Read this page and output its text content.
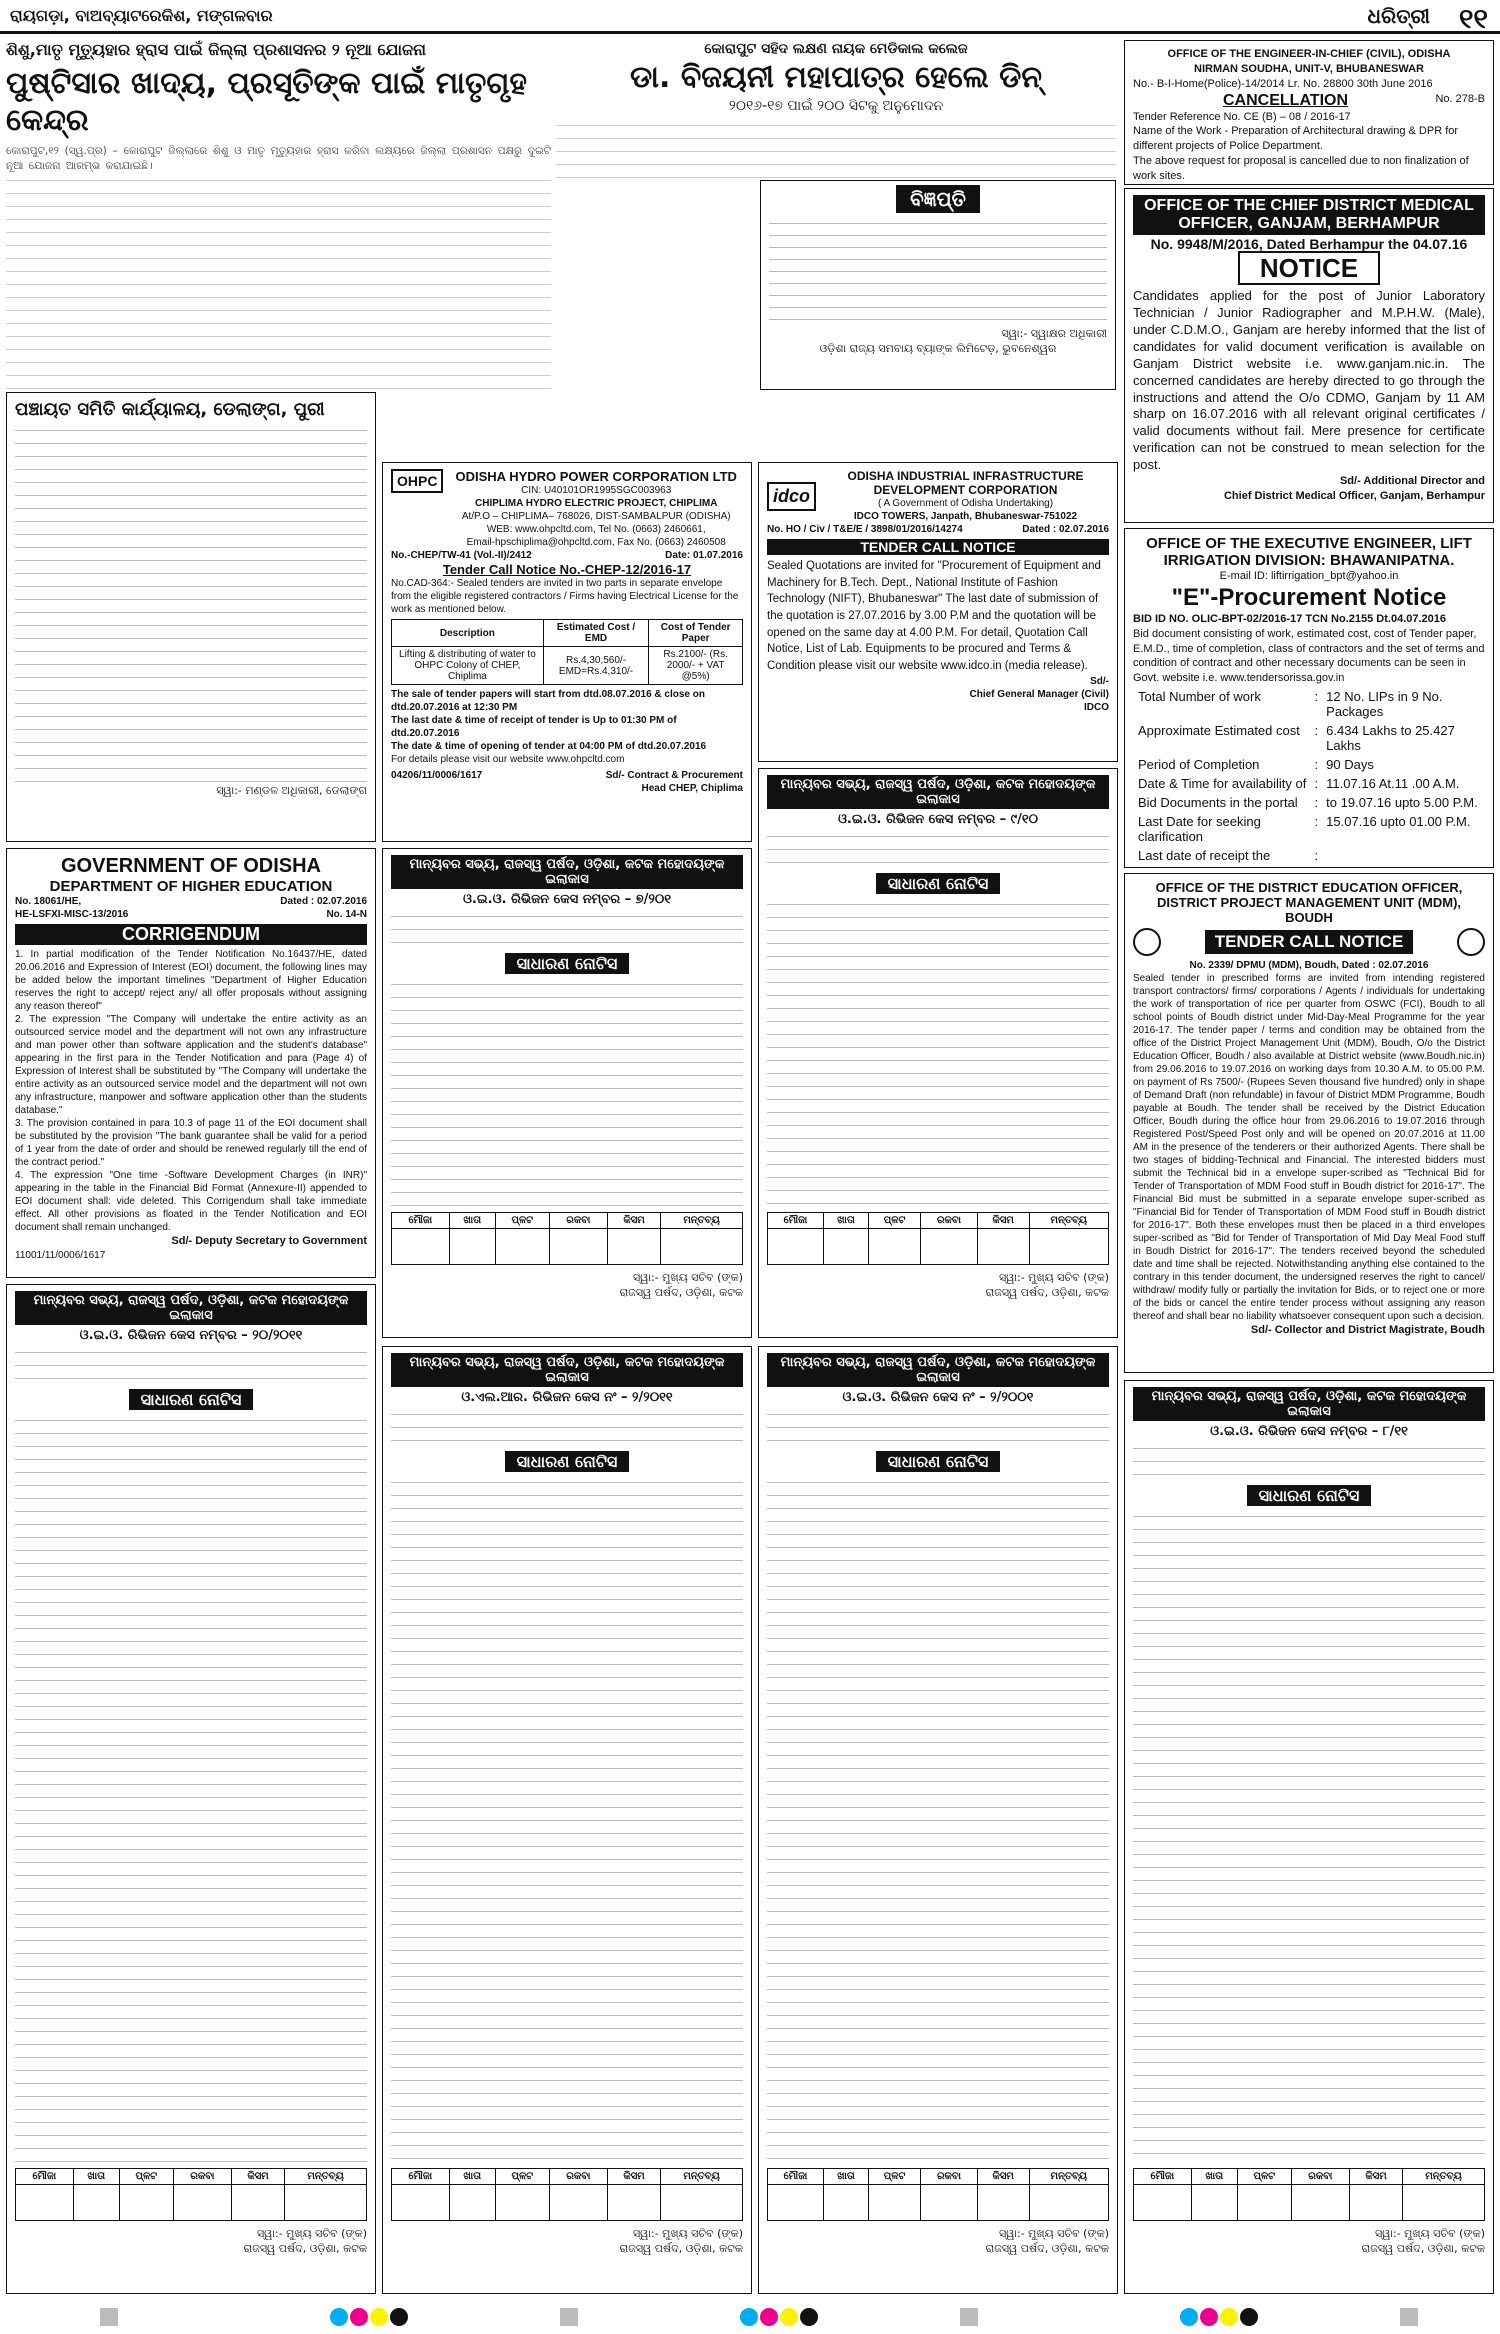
ରାୟଗଡ଼ା, ବାଅବ୍ୟାଟରେକିଶ, ମଙ୍ଗଳବାର	ଧରିତ୍ରୀ ୧୧
ଶିଶୁ,ମାତୃ ମୃତ୍ୟୁହାର ହ୍ରାସ ପାଇଁ ଜିଲ୍ଲା ପ୍ରଶାସନର ୨ ନୂଆ ଯୋଜନା
ପୁଷ୍ଟିସାର ଖାଦ୍ୟ, ପ୍ରସୂତିଙ୍କ ପାଇଁ ମାତୃଗୃହ କେନ୍ଦ୍ର
କୋରାପୁଟ,୧୨ (ସ୍ୱ.ପ୍ର) – କୋରାପୁଟ ଜିଲ୍ଲାରେ ଶିଶୁ ଓ ମାତୃ ମୃତ୍ୟୁହାର ହ୍ରାସ କରିବା ଲକ୍ଷ୍ୟରେ ଜିଲ୍ଲା ପ୍ରଶାସନ ପକ୍ଷରୁ ଦୁଇଟି ନୂଆ ଯୋଜନା ଆରମ୍ଭ କରାଯାଇଛି।
କୋରାପୁଟ ସହିଦ ଲକ୍ଷଣ ନାୟକ ମେଡିକାଲ କଲେଜ
ଡା. ବିଜୟନୀ ମହାପାତ୍ର ହେଲେ ଡିନ୍
୨୦୧୬-୧୭ ପାଇଁ ୨୦୦ ସିଟକୁ ଅନୁମୋଦନ
ବିଜ୍ଞପ୍ତି
ସ୍ୱା:- ସ୍ୱାକ୍ଷର ଅଧିକାରୀ
ଓଡ଼ିଶା ରାଜ୍ୟ ସମବାୟ ବ୍ୟାଙ୍କ ଲିମିଟେଡ଼, ଭୁବନେଶ୍ୱର
OFFICE OF THE ENGINEER-IN-CHIEF (CIVIL), ODISHA
NIRMAN SOUDHA, UNIT-V, BHUBANESWAR
No.- B-I-Home(Police)-14/2014 Lr. No. 28800 30th June 2016
CANCELLATION	No. 278-B
Tender Reference No. CE (B) – 08 / 2016-17
Name of the Work - Preparation of Architectural drawing & DPR for different projects of Police Department.
The above request for proposal is cancelled due to non finalization of work sites.
OFFICE OF THE CHIEF DISTRICT MEDICAL OFFICER, GANJAM, BERHAMPUR
No. 9948/M/2016, Dated Berhampur the 04.07.16
NOTICE
Candidates applied for the post of Junior Laboratory Technician / Junior Radiographer and M.P.H.W. (Male), under C.D.M.O., Ganjam are hereby informed that the list of candidates for valid document verification is available on Ganjam District website i.e. www.ganjam.nic.in. The concerned candidates are hereby directed to go through the instructions and attend the O/o CDMO, Ganjam by 11 AM sharp on 16.07.2016 with all relevant original certificates / valid documents without fail. Mere presence for certificate verification can not be construed to mean selection for the post.
Sd/- Additional Director and
Chief District Medical Officer, Ganjam, Berhampur
OFFICE OF THE EXECUTIVE ENGINEER, LIFT IRRIGATION DIVISION: BHAWANIPATNA.
E-mail ID: liftirrigation_bpt@yahoo.in
"E"-Procurement Notice
BID ID NO. OLIC-BPT-02/2016-17 TCN No.2155 Dt.04.07.2016
Bid document consisting of work, estimated cost, cost of Tender paper, E.M.D., time of completion, class of contractors and the set of terms and condition of contract and other necessary documents can be seen in Govt. website i.e. www.tendersorissa.gov.in
Total Number of work	:	12 No. LIPs in 9 No. Packages
Approximate Estimated cost	:	6.434 Lakhs to 25.427 Lakhs
Period of Completion	:	90 Days
Date & Time for availability of	:	11.07.16 At.11 .00 A.M.
Bid Documents in the portal	:	to 19.07.16 upto 5.00 P.M.
Last Date for seeking clarification	:	15.07.16 upto 01.00 P.M.
Last date of receipt the	:	

OFFICE OF THE DISTRICT EDUCATION OFFICER, DISTRICT PROJECT MANAGEMENT UNIT (MDM), BOUDH
TENDER CALL NOTICE
No. 2339/ DPMU (MDM), Boudh, Dated : 02.07.2016
Sealed tender in prescribed forms are invited from intending registered transport contractors/ firms/ corporations / Agents / individuals for undertaking the work of transportation of rice per quarter from OSWC (FCI), Boudh to all school points of Boudh district under Mid-Day-Meal Programme for the year 2016-17. The tender paper / terms and condition may be obtained from the office of the District Project Management Unit (MDM), Boudh, O/o the District Education Officer, Boudh / also available at District website (www.Boudh.nic.in) from 29.06.2016 to 19.07.2016 on working days from 10.30 A.M. to 05.00 P.M. on payment of Rs 7500/- (Rupees Seven thousand five hundred) only in shape of Demand Draft (non refundable) in favour of District MDM Programme, Boudh payable at Boudh. The tender shall be received by the District Education Officer, Boudh during the office hour from 29.06.2016 to 19.07.2016 through Registered Post/Speed Post only and will be opened on 20.07.2016 at 11.00 AM in the presence of the tenderers or their authorized Agents. There shall be two stages of bidding-Technical and Financial. The interested bidders must submit the Technical bid in a envelope super-scribed as "Technical Bid for Tender of Transportation of MDM Food stuff in Boudh district for 2016-17". The Financial Bid must be submitted in a separate envelope super-scribed as "Financial Bid for Tender of Transportation of MDM Food stuff in Boudh district for 2016-17". Both these envelopes must then be placed in a third envelopes super-scribed as "Bid for Tender of Transportation of Mid Day Meal Food stuff in Boudh District for 2016-17". The tenders received beyond the scheduled date and time shall be rejected. Notwithstanding anything else contained to the contrary in this tender document, the undersigned reserves the right to cancel/ withdraw/ modify fully or partially the invitation for Bids, or to reject one or more of the bids or cancel the entire tender process without assigning any reason thereof and shall bear no liability whatsoever consequent upon such a decision.
Sd/- Collector and District Magistrate, Boudh
ପଞ୍ଚାୟତ ସମିତି କାର୍ଯ୍ୟାଳୟ, ଡେଲାଙ୍ଗ, ପୁରୀ
ସ୍ୱା:- ମଣ୍ଡଳ ଅଧିକାରୀ, ଡେଲାଙ୍ଗ
OHPC	ODISHA HYDRO POWER CORPORATION LTD
CIN: U40101OR1995SGC003963
CHIPLIMA HYDRO ELECTRIC PROJECT, CHIPLIMA
At/P.O – CHIPLIMA– 768026, DIST-SAMBALPUR (ODISHA)
WEB: www.ohpcltd.com, Tel No. (0663) 2460661,
Email-hpschiplima@ohpcltd.com, Fax No. (0663) 2460508
No.-CHEP/TW-41 (Vol.-II)/2412	Date: 01.07.2016
Tender Call Notice No.-CHEP-12/2016-17
No.CAD-364:- Sealed tenders are invited in two parts in separate envelope from the eligible registered contractors / Firms having Electrical License for the work as mentioned below.
Description	Estimated Cost / EMD	Cost of Tender Paper
Lifting & distributing of water to OHPC Colony of CHEP, Chiplima	Rs.4,30,560/- EMD=Rs.4,310/-	Rs.2100/- (Rs. 2000/- + VAT @5%)
The sale of tender papers will start from dtd.08.07.2016 & close on dtd.20.07.2016 at 12:30 PM
The last date & time of receipt of tender is Up to 01:30 PM of dtd.20.07.2016
The date & time of opening of tender at 04:00 PM of dtd.20.07.2016
For details please visit our website www.ohpcltd.com
04206/11/0006/1617	Sd/- Contract & Procurement Head CHEP, Chiplima
idco
ODISHA INDUSTRIAL INFRASTRUCTURE DEVELOPMENT CORPORATION
( A Government of Odisha Undertaking)
IDCO TOWERS, Janpath, Bhubaneswar-751022
No. HO / Civ / T&E/E / 3898/01/2016/14274	Dated : 02.07.2016
TENDER CALL NOTICE
Sealed Quotations are invited for "Procurement of Equipment and Machinery for B.Tech. Dept., National Institute of Fashion Technology (NIFT), Bhubaneswar" The last date of submission of the quotation is 27.07.2016 by 3.00 P.M and the quotation will be opened on the same day at 4.00 P.M. For detail, Quotation Call Notice, List of Lab. Equipments to be procured and Terms & Condition please visit our website www.idco.in (media release).
Sd/-
Chief General Manager (Civil)
IDCO
GOVERNMENT OF ODISHA
DEPARTMENT OF HIGHER EDUCATION
No. 18061/HE,	Dated : 02.07.2016
HE-LSFXI-MISC-13/2016	No. 14-N
CORRIGENDUM
1. In partial modification of the Tender Notification No.16437/HE, dated 20.06.2016 and Expression of Interest (EOI) document, the following lines may be added below the important timelines "Department of Higher Education reserves the right to accept/ reject any/ all offer proposals without assigning any reason thereof"
2. The expression "The Company will undertake the entire activity as an outsourced service model and the department will not own any infrastructure and man power other than software application and the student's database" appearing in the first para in the Tender Notification and para (Page 4) of Expression of Interest shall be substituted by "The Company will undertake the entire activity as an outsourced service model and the department will not own any infrastructure, manpower and software application other than the students database."
3. The provision contained in para 10.3 of page 11 of the EOI document shall be substituted by the provision "The bank guarantee shall be valid for a period of 1 year from the date of order and should be renewed regularly till the end of the contract period."
4. The expression "One time -Software Development Charges (in INR)" appearing in the table in the Financial Bid Format (Annexure-II) appended to EOI document shall: vide deleted. This Corrigendum shall take immediate effect. All other provisions as floated in the Tender Notification and EOI document shall remain unchanged.
Sd/- Deputy Secretary to Government
11001/11/0006/1617
ମାନ୍ୟବର ସଭ୍ୟ, ରାଜସ୍ୱ ପର୍ଷଦ, ଓଡ଼ିଶା, କଟକ ମହୋଦୟଙ୍କ ଇଲାକାସ
ଓ.ଇ.ଓ. ରିଭିଜନ କେସ ନମ୍ବର – ୨୦/୨୦୧୧
ସାଧାରଣ ନୋଟିସ
ମୌଜା	ଖାତା	ପ୍ଳଟ	ରକବା	କିସମ	ମନ୍ତବ୍ୟ

ସ୍ୱା:- ମୁଖ୍ୟ ସଚିବ (ଙ୍କ)
ରାଜସ୍ୱ ପର୍ଷଦ, ଓଡ଼ିଶା, କଟକ
ମାନ୍ୟବର ସଭ୍ୟ, ରାଜସ୍ୱ ପର୍ଷଦ, ଓଡ଼ିଶା, କଟକ ମହୋଦୟଙ୍କ ଇଲାକାସ
ଓ.ଇ.ଓ. ରିଭିଜନ କେସ ନମ୍ବର – ୭/୨୦୧
ସାଧାରଣ ନୋଟିସ
ମୌଜା	ଖାତା	ପ୍ଳଟ	ରକବା	କିସମ	ମନ୍ତବ୍ୟ

ସ୍ୱା:- ମୁଖ୍ୟ ସଚିବ (ଙ୍କ)
ରାଜସ୍ୱ ପର୍ଷଦ, ଓଡ଼ିଶା, କଟକ
ମାନ୍ୟବର ସଭ୍ୟ, ରାଜସ୍ୱ ପର୍ଷଦ, ଓଡ଼ିଶା, କଟକ ମହୋଦୟଙ୍କ ଇଲାକାସ
ଓ.ଇ.ଓ. ରିଭିଜନ କେସ ନମ୍ବର – ୯/୧୦
ସାଧାରଣ ନୋଟିସ
ମୌଜା	ଖାତା	ପ୍ଳଟ	ରକବା	କିସମ	ମନ୍ତବ୍ୟ

ସ୍ୱା:- ମୁଖ୍ୟ ସଚିବ (ଙ୍କ)
ରାଜସ୍ୱ ପର୍ଷଦ, ଓଡ଼ିଶା, କଟକ
ମାନ୍ୟବର ସଭ୍ୟ, ରାଜସ୍ୱ ପର୍ଷଦ, ଓଡ଼ିଶା, କଟକ ମହୋଦୟଙ୍କ ଇଲାକାସ
ଓ.ଏଲ.ଆର. ରିଭିଜନ କେସ ନଂ – ୨/୨୦୧୧
ସାଧାରଣ ନୋଟିସ
ମୌଜା	ଖାତା	ପ୍ଳଟ	ରକବା	କିସମ	ମନ୍ତବ୍ୟ

ସ୍ୱା:- ମୁଖ୍ୟ ସଚିବ (ଙ୍କ)
ରାଜସ୍ୱ ପର୍ଷଦ, ଓଡ଼ିଶା, କଟକ
ମାନ୍ୟବର ସଭ୍ୟ, ରାଜସ୍ୱ ପର୍ଷଦ, ଓଡ଼ିଶା, କଟକ ମହୋଦୟଙ୍କ ଇଲାକାସ
ଓ.ଇ.ଓ. ରିଭିଜନ କେସ ନଂ – ୨/୨୦୦୧
ସାଧାରଣ ନୋଟିସ
ମୌଜା	ଖାତା	ପ୍ଳଟ	ରକବା	କିସମ	ମନ୍ତବ୍ୟ

ସ୍ୱା:- ମୁଖ୍ୟ ସଚିବ (ଙ୍କ)
ରାଜସ୍ୱ ପର୍ଷଦ, ଓଡ଼ିଶା, କଟକ
ମାନ୍ୟବର ସଭ୍ୟ, ରାଜସ୍ୱ ପର୍ଷଦ, ଓଡ଼ିଶା, କଟକ ମହୋଦୟଙ୍କ ଇଲାକାସ
ଓ.ଇ.ଓ. ରିଭିଜନ କେସ ନମ୍ବର – ୮/୧୧
ସାଧାରଣ ନୋଟିସ
ମୌଜା	ଖାତା	ପ୍ଳଟ	ରକବା	କିସମ	ମନ୍ତବ୍ୟ

ସ୍ୱା:- ମୁଖ୍ୟ ସଚିବ (ଙ୍କ)
ରାଜସ୍ୱ ପର୍ଷଦ, ଓଡ଼ିଶା, କଟକ
